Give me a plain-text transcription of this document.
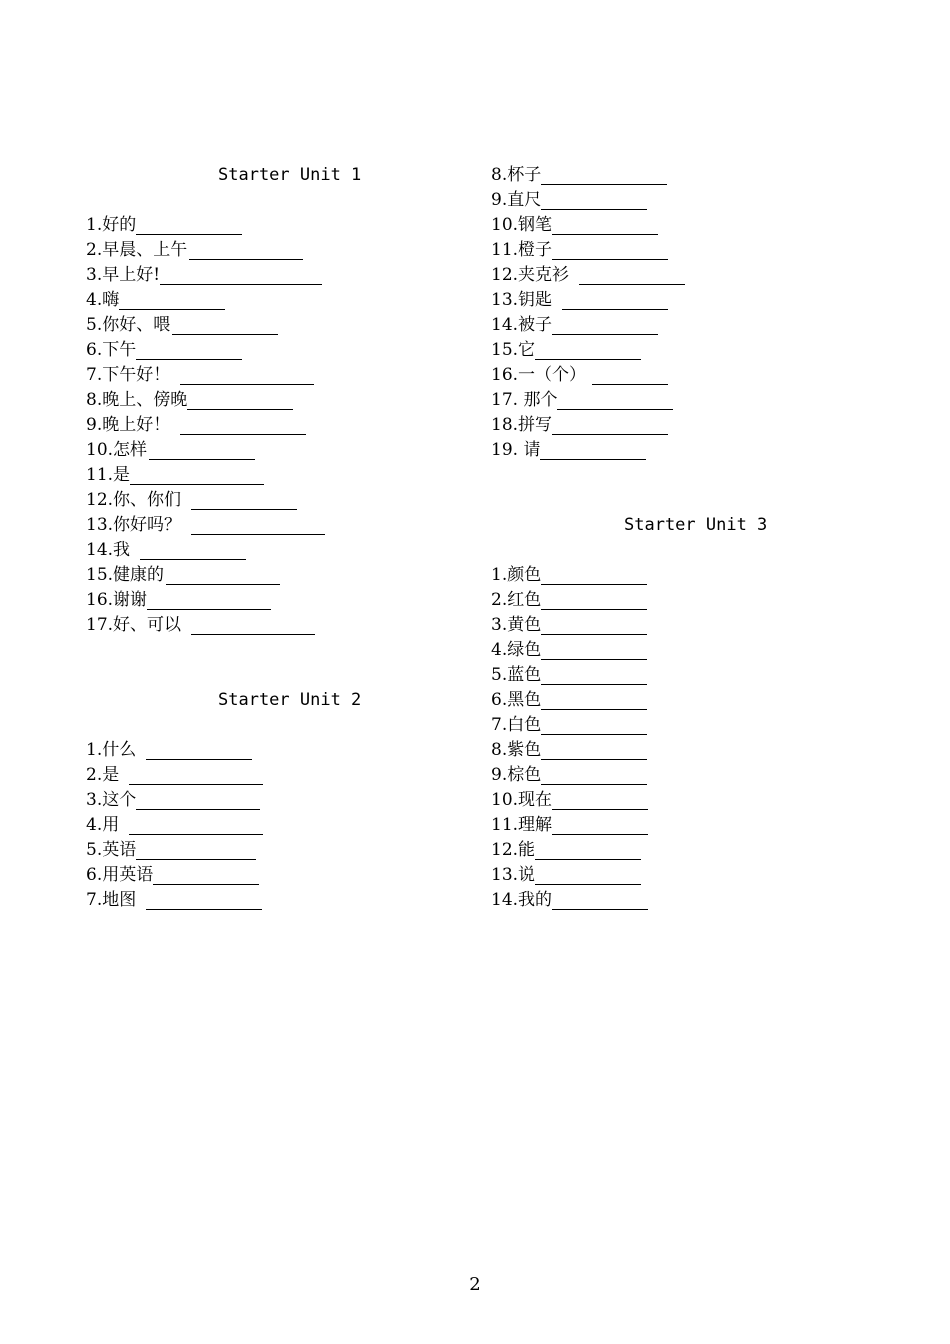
Starter Unit 1
1.好的
2.早晨、上午
3.早上好!
4.嗨
5.你好、喂
6.下午
7.下午好！
8.晚上、傍晚
9.晚上好！
10.怎样
11.是
12.你、你们
13.你好吗？
14.我
15.健康的
16.谢谢
17.好、可以
Starter Unit 2
1.什么
2.是
3.这个
4.用
5.英语
6.用英语
7.地图
8.杯子
9.直尺
10.钢笔
11.橙子
12.夹克衫
13.钥匙
14.被子
15.它
16.一（个）
17. 那个
18.拼写
19. 请
Starter Unit 3
1.颜色
2.红色
3.黄色
4.绿色
5.蓝色
6.黑色
7.白色
8.紫色
9.棕色
10.现在
11.理解
12.能
13.说
14.我的
2
